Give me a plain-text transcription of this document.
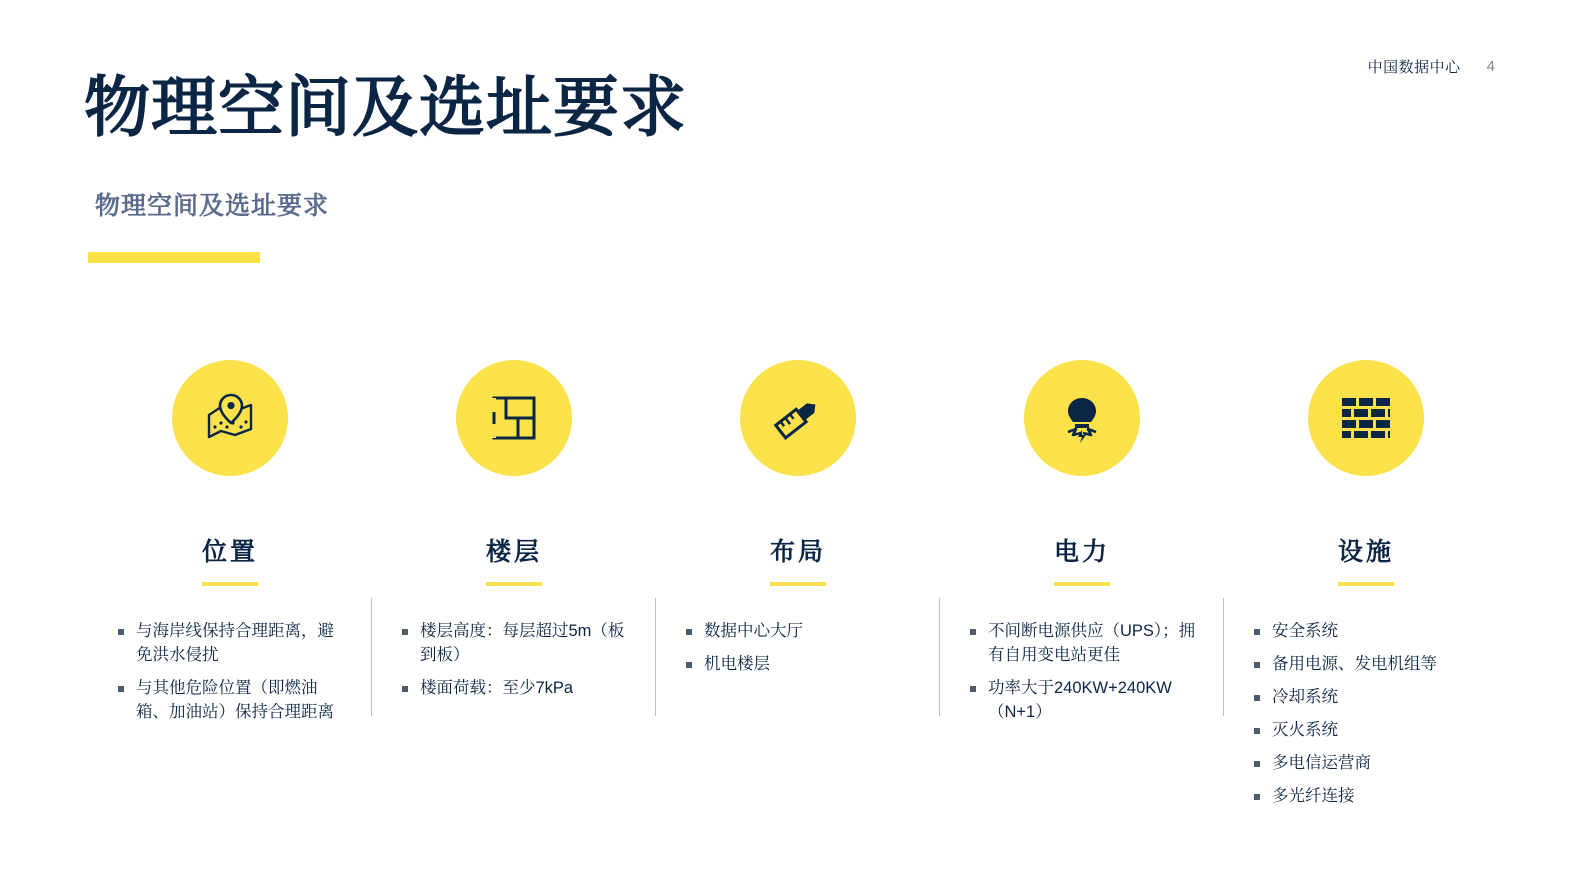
中国数据中心 4
物理空间及选址要求
物理空间及选址要求
位置
与海岸线保持合理距离，避免洪水侵扰
与其他危险位置（即燃油箱、加油站）保持合理距离
楼层
楼层高度：每层超过5m（板到板）
楼面荷载：至少7kPa
布局
数据中心大厅
机电楼层
电力
不间断电源供应（UPS）；拥有自用变电站更佳
功率大于240KW+240KW（N+1）
设施
安全系统
备用电源、发电机组等
冷却系统
灭火系统
多电信运营商
多光纤连接
